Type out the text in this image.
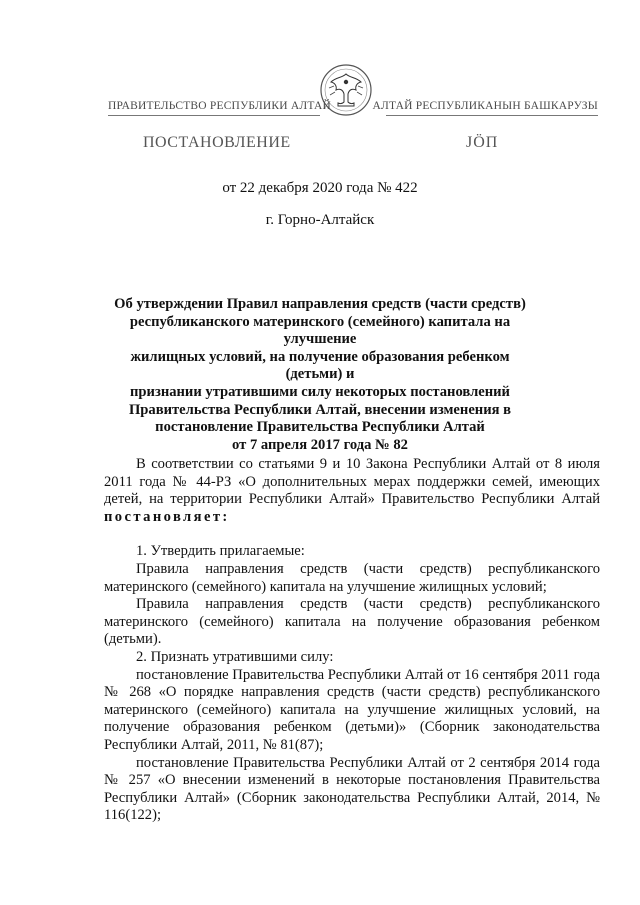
ПРАВИТЕЛЬСТВО РЕСПУБЛИКИ АЛТАЙ	АЛТАЙ РЕСПУБЛИКАНЫН БАШКАРУЗЫ
ПОСТАНОВЛЕНИЕ	ЈӦП
от 22 декабря 2020 года № 422
г. Горно-Алтайск
Об утверждении Правил направления средств (части средств)
республиканского материнского (семейного) капитала на улучшение
жилищных условий, на получение образования ребенком (детьми) и
признании утратившими силу некоторых постановлений
Правительства Республики Алтай, внесении изменения в
постановление Правительства Республики Алтай
от 7 апреля 2017 года № 82

В соответствии со статьями 9 и 10 Закона Республики Алтай от 8 июля 2011 года № 44-РЗ «О дополнительных мерах поддержки семей, имеющих детей, на территории Республики Алтай» Правительство Республики Алтай постановляет:

1. Утвердить прилагаемые:

Правила направления средств (части средств) республиканского материнского (семейного) капитала на улучшение жилищных условий;

Правила направления средств (части средств) республиканского материнского (семейного) капитала на получение образования ребенком (детьми).

2. Признать утратившими силу:

постановление Правительства Республики Алтай от 16 сентября 2011 года № 268 «О порядке направления средств (части средств) республиканского материнского (семейного) капитала на улучшение жилищных условий, на получение образования ребенком (детьми)» (Сборник законодательства Республики Алтай, 2011, № 81(87);

постановление Правительства Республики Алтай от 2 сентября 2014 года № 257 «О внесении изменений в некоторые постановления Правительства Республики Алтай» (Сборник законодательства Республики Алтай, 2014, № 116(122);
